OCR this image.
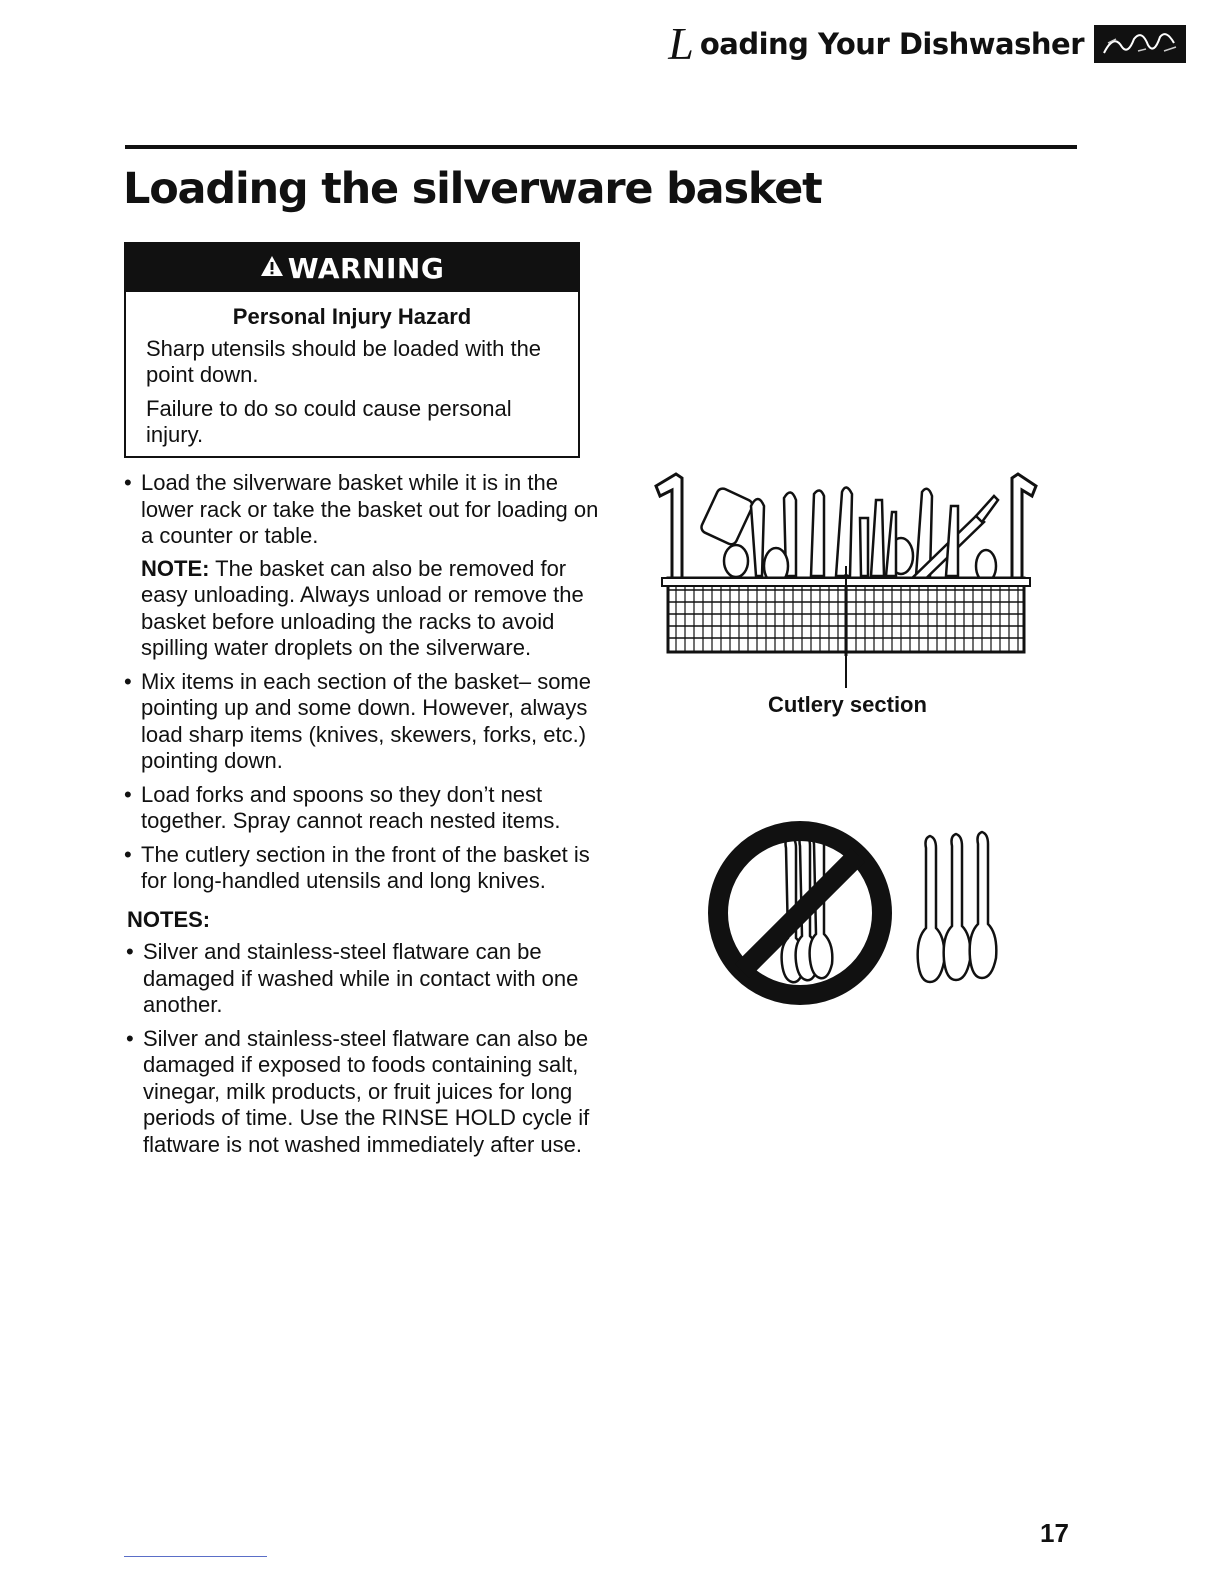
L oading Your Dishwasher
Loading the silverware basket
WARNING
Personal Injury Hazard

Sharp utensils should be loaded with the point down.

Failure to do so could cause personal injury.

• Load the silverware basket while it is in the lower rack or take the basket out for loading on a counter or table.
NOTE: The basket can also be removed for easy unloading. Always unload or remove the basket before unloading the racks to avoid spilling water droplets on the silverware.
• Mix items in each section of the basket– some pointing up and some down. However, always load sharp items (knives, skewers, forks, etc.) pointing down.
• Load forks and spoons so they don’t nest together. Spray cannot reach nested items.
• The cutlery section in the front of the basket is for long-handled utensils and long knives.
NOTES:
• Silver and stainless-steel flatware can be damaged if washed while in contact with one another.
• Silver and stainless-steel flatware can also be damaged if exposed to foods containing salt, vinegar, milk products, or fruit juices for long periods of time. Use the RINSE HOLD cycle if flatware is not washed immediately after use.
Cutlery section
17
